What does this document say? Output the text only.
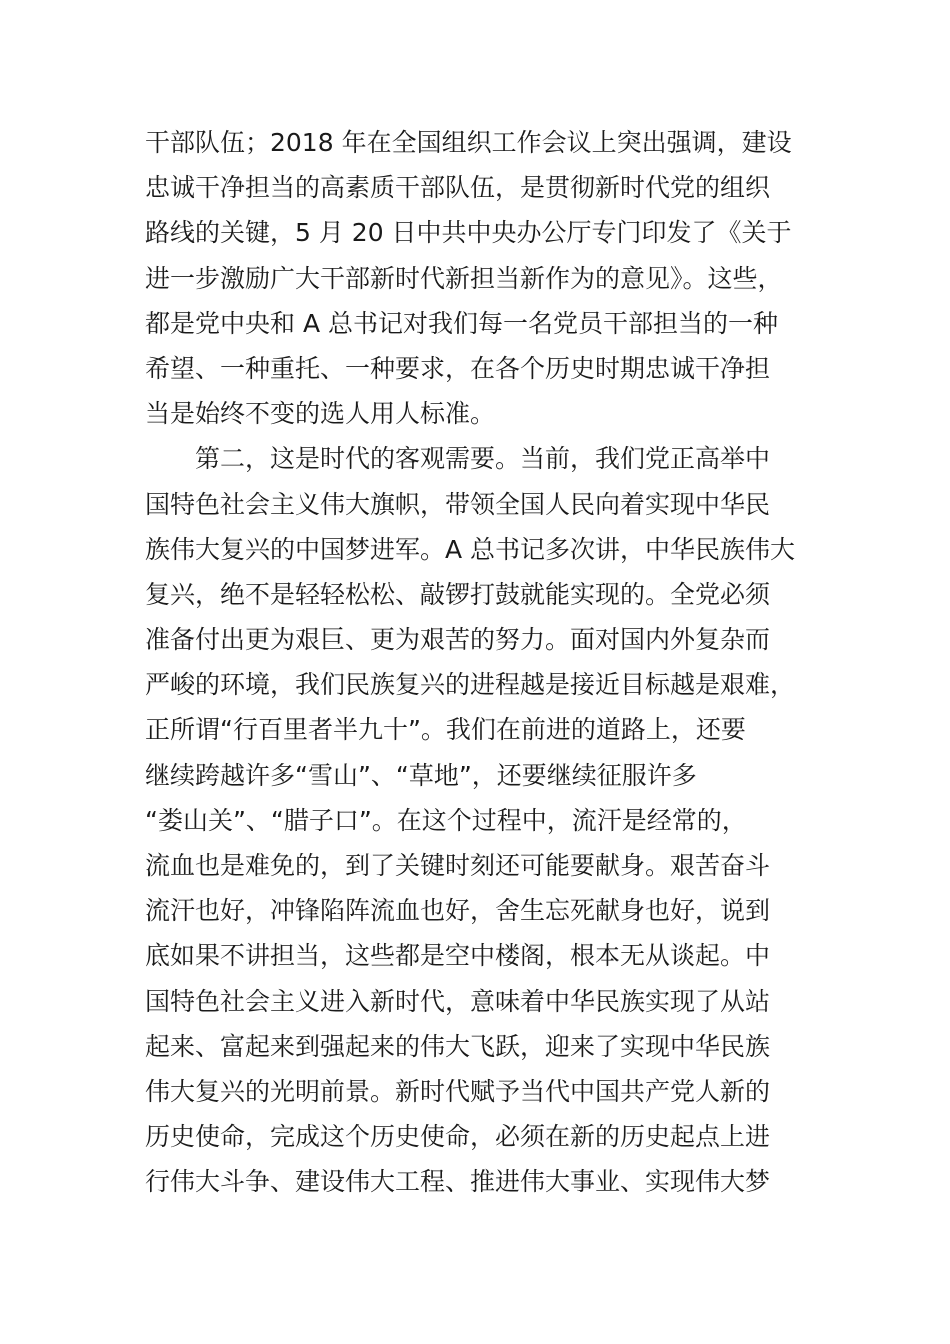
干部队伍；2018 年在全国组织工作会议上突出强调，建设
忠诚干净担当的高素质干部队伍，是贯彻新时代党的组织
路线的关键，5 月 20 日中共中央办公厅专门印发了《关于
进一步激励广大干部新时代新担当新作为的意见》。这些，
都是党中央和 A 总书记对我们每一名党员干部担当的一种
希望、一种重托、一种要求，在各个历史时期忠诚干净担
当是始终不变的选人用人标准。
第二，这是时代的客观需要。当前，我们党正高举中
国特色社会主义伟大旗帜，带领全国人民向着实现中华民
族伟大复兴的中国梦进军。A 总书记多次讲，中华民族伟大
复兴，绝不是轻轻松松、敲锣打鼓就能实现的。全党必须
准备付出更为艰巨、更为艰苦的努力。面对国内外复杂而
严峻的环境，我们民族复兴的进程越是接近目标越是艰难，
正所谓“行百里者半九十”。我们在前进的道路上，还要
继续跨越许多“雪山”、“草地”，还要继续征服许多
“娄山关”、“腊子口”。在这个过程中，流汗是经常的，
流血也是难免的，到了关键时刻还可能要献身。艰苦奋斗
流汗也好，冲锋陷阵流血也好，舍生忘死献身也好，说到
底如果不讲担当，这些都是空中楼阁，根本无从谈起。中
国特色社会主义进入新时代，意味着中华民族实现了从站
起来、富起来到强起来的伟大飞跃，迎来了实现中华民族
伟大复兴的光明前景。新时代赋予当代中国共产党人新的
历史使命，完成这个历史使命，必须在新的历史起点上进
行伟大斗争、建设伟大工程、推进伟大事业、实现伟大梦
